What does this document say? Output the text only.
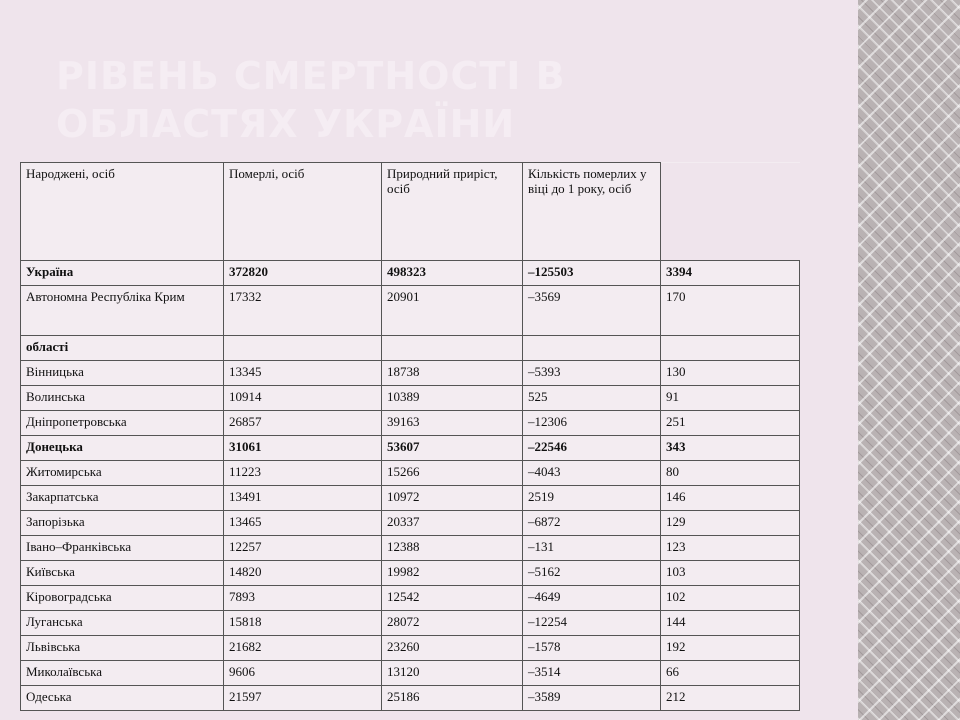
РІВЕНЬ СМЕРТНОСТІ В
ОБЛАСТЯХ УКРАЇНИ
Народжені, осіб	Померлі, осіб	Природний приріст, осіб	Кількість померлих у віці до 1 року, осіб	
Україна	372820	498323	–125503	3394
Автономна Республіка Крим	17332	20901	–3569	170
області				
Вінницька	13345	18738	–5393	130
Волинська	10914	10389	525	91
Дніпропетровська	26857	39163	–12306	251
Донецька	31061	53607	–22546	343
Житомирська	11223	15266	–4043	80
Закарпатська	13491	10972	2519	146
Запорізька	13465	20337	–6872	129
Івано–Франківська	12257	12388	–131	123
Київська	14820	19982	–5162	103
Кіровоградська	7893	12542	–4649	102
Луганська	15818	28072	–12254	144
Львівська	21682	23260	–1578	192
Миколаївська	9606	13120	–3514	66
Одеська	21597	25186	–3589	212
